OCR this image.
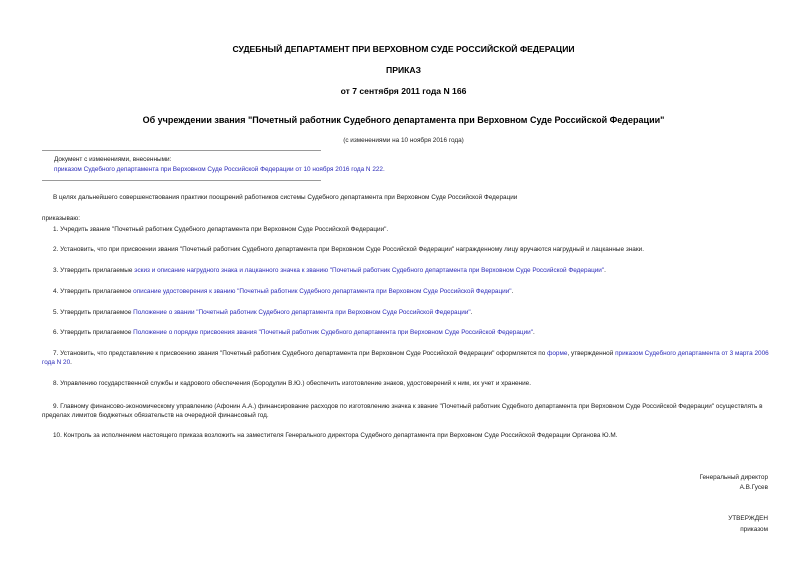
СУДЕБНЫЙ ДЕПАРТАМЕНТ ПРИ ВЕРХОВНОМ СУДЕ РОССИЙСКОЙ ФЕДЕРАЦИИ
ПРИКАЗ
от 7 сентября 2011 года N 166
Об учреждении звания "Почетный работник Судебного департамента при Верховном Суде Российской Федерации"
(с изменениями на 10 ноября 2016 года)
Документ с изменениями, внесенными:
приказом Судебного департамента при Верховном Суде Российской Федерации от 10 ноября 2016 года N 222.
В целях дальнейшего совершенствования практики поощрений работников системы Судебного департамента при Верховном Суде Российской Федерации
приказываю:
1. Учредить звание "Почетный работник Судебного департамента при Верховном Суде Российской Федерации".
2. Установить, что при присвоении звания "Почетный работник Судебного департамента при Верховном Суде Российской Федерации" награжденному лицу вручаются нагрудный и лацканные знаки.
3. Утвердить прилагаемые эскиз и описание нагрудного знака и лацканного значка к званию "Почетный работник Судебного департамента при Верховном Суде Российской Федерации".
4. Утвердить прилагаемое описание удостоверения к званию "Почетный работник Судебного департамента при Верховном Суде Российской Федерации".
5. Утвердить прилагаемое Положение о звании "Почетный работник Судебного департамента при Верховном Суде Российской Федерации".
6. Утвердить прилагаемое Положение о порядке присвоения звания "Почетный работник Судебного департамента при Верховном Суде Российской Федерации".
7. Установить, что представление к присвоению звания "Почетный работник Судебного департамента при Верховном Суде Российской Федерации" оформляется по форме, утвержденной приказом Судебного департамента от 3 марта 2006 года N 20.
8. Управлению государственной службы и кадрового обеспечения (Бородулин В.Ю.) обеспечить изготовление знаков, удостоверений к ним, их учет и хранение.
9. Главному финансово-экономическому управлению (Афонин А.А.) финансирование расходов по изготовлению значка к звание "Почетный работник Судебного департамента при Верховном Суде Российской Федерации" осуществлять в пределах лимитов бюджетных обязательств на очередной финансовый год.
10. Контроль за исполнением настоящего приказа возложить на заместителя Генерального директора Судебного департамента при Верховном Суде Российской Федерации Органова Ю.М.
Генеральный директор
А.В.Гусев
УТВЕРЖДЕН
приказом
